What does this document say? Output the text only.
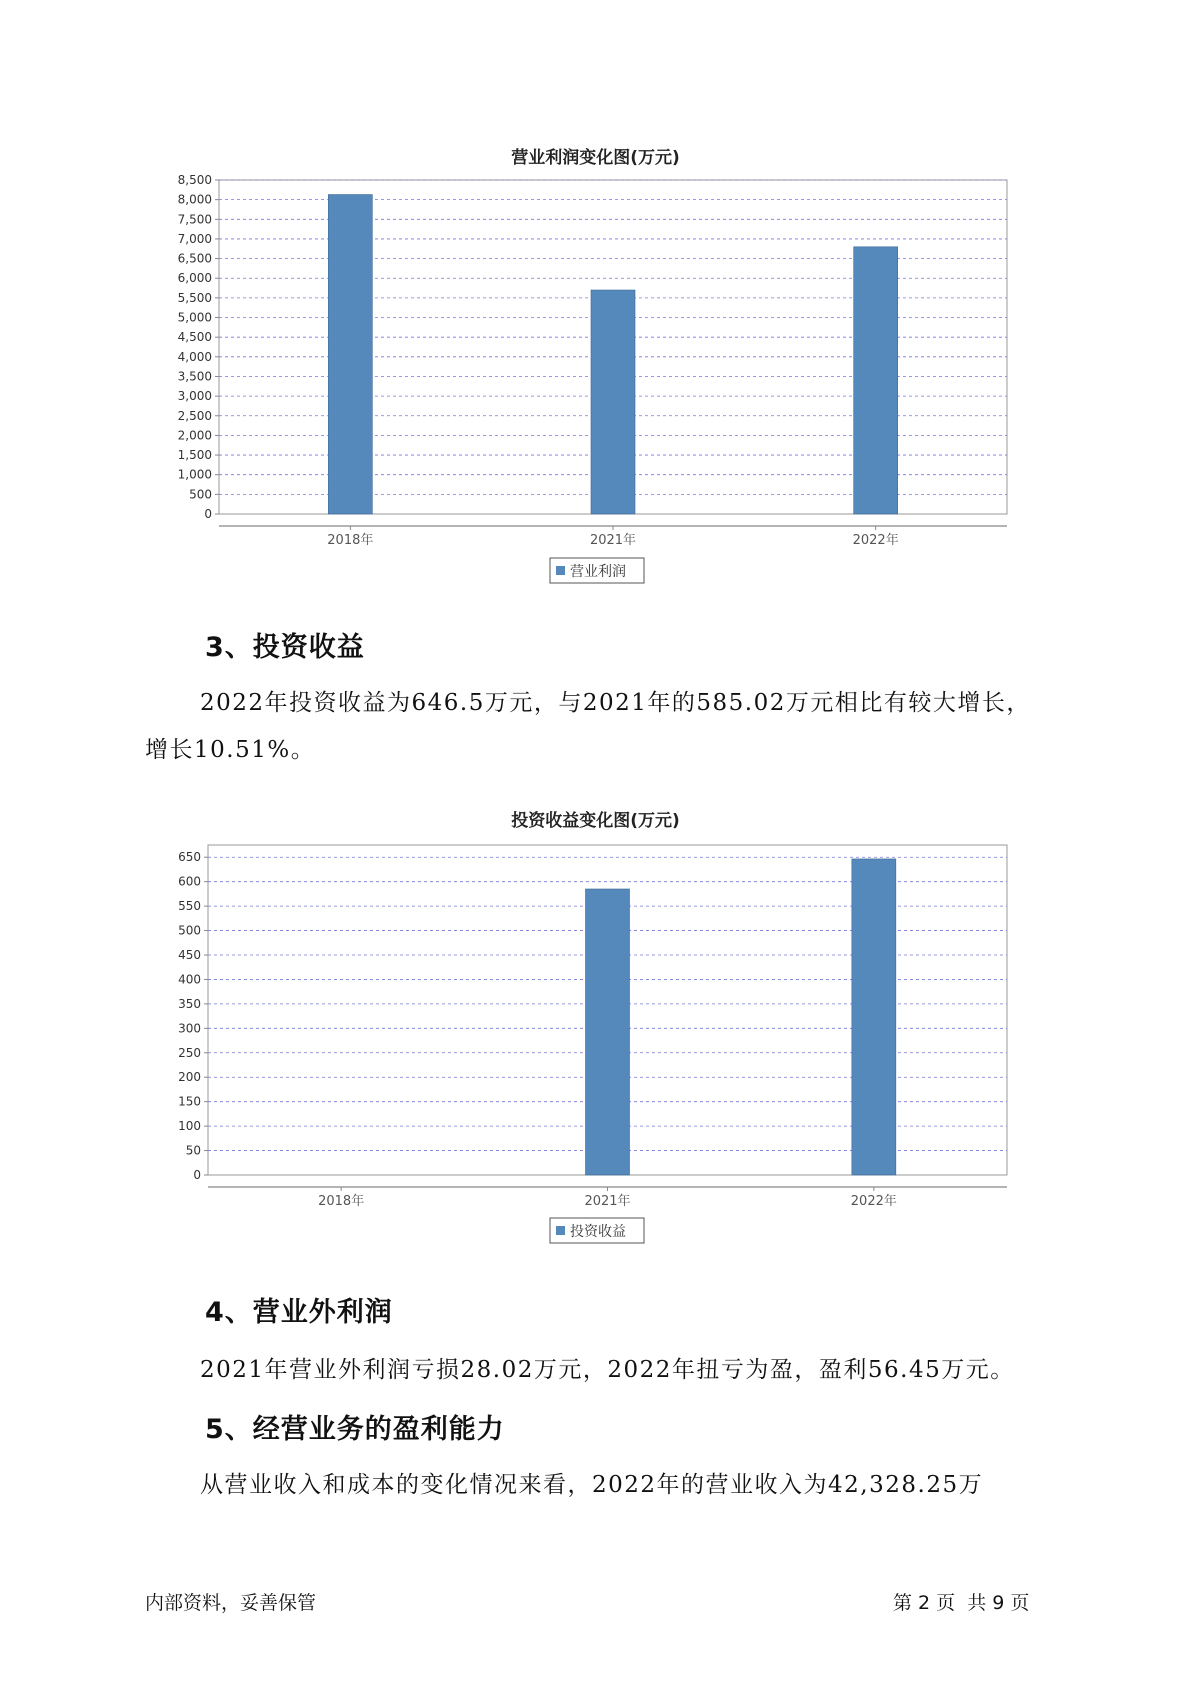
营业利润变化图(万元)
0
500
1,000
1,500
2,000
2,500
3,000
3,500
4,000
4,500
5,000
5,500
6,000
6,500
7,000
7,500
8,000
8,500
2018年	2021年	2022年
营业利润
3、投资收益
2022年投资收益为646.5万元，与2021年的585.02万元相比有较大增长，
增长10.51%。
投资收益变化图(万元)
0
50
100
150
200
250
300
350
400
450
500
550
600
650
2018年	2021年	2022年
投资收益
4、营业外利润
2021年营业外利润亏损28.02万元，2022年扭亏为盈，盈利56.45万元。
5、经营业务的盈利能力
从营业收入和成本的变化情况来看，2022年的营业收入为42,328.25万
内部资料，妥善保管	第 2 页  共 9 页
